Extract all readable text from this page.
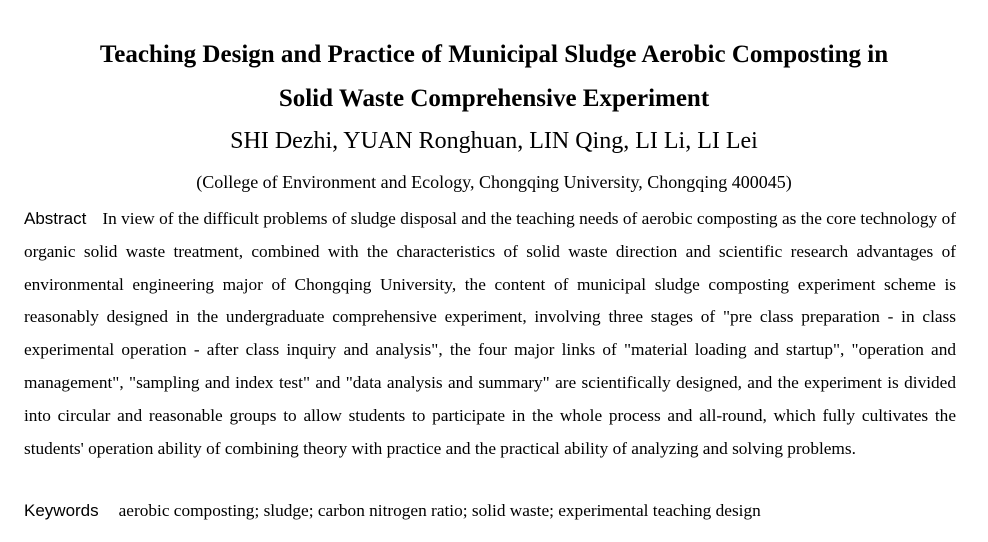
Teaching Design and Practice of Municipal Sludge Aerobic Composting in
Solid Waste Comprehensive Experiment

SHI Dezhi, YUAN Ronghuan, LIN Qing, LI Li, LI Lei

(College of Environment and Ecology, Chongqing University, Chongqing 400045)

Abstract In view of the difficult problems of sludge disposal and the teaching needs of aerobic composting as the core technology of organic solid waste treatment, combined with the characteristics of solid waste direction and scientific research advantages of environmental engineering major of Chongqing University, the content of municipal sludge composting experiment scheme is reasonably designed in the undergraduate comprehensive experiment, involving three stages of "pre class preparation - in class experimental operation - after class inquiry and analysis", the four major links of "material loading and startup", "operation and management", "sampling and index test" and "data analysis and summary" are scientifically designed, and the experiment is divided into circular and reasonable groups to allow students to participate in the whole process and all-round, which fully cultivates the students' operation ability of combining theory with practice and the practical ability of analyzing and solving problems.

Keywords aerobic composting; sludge; carbon nitrogen ratio; solid waste; experimental teaching design
